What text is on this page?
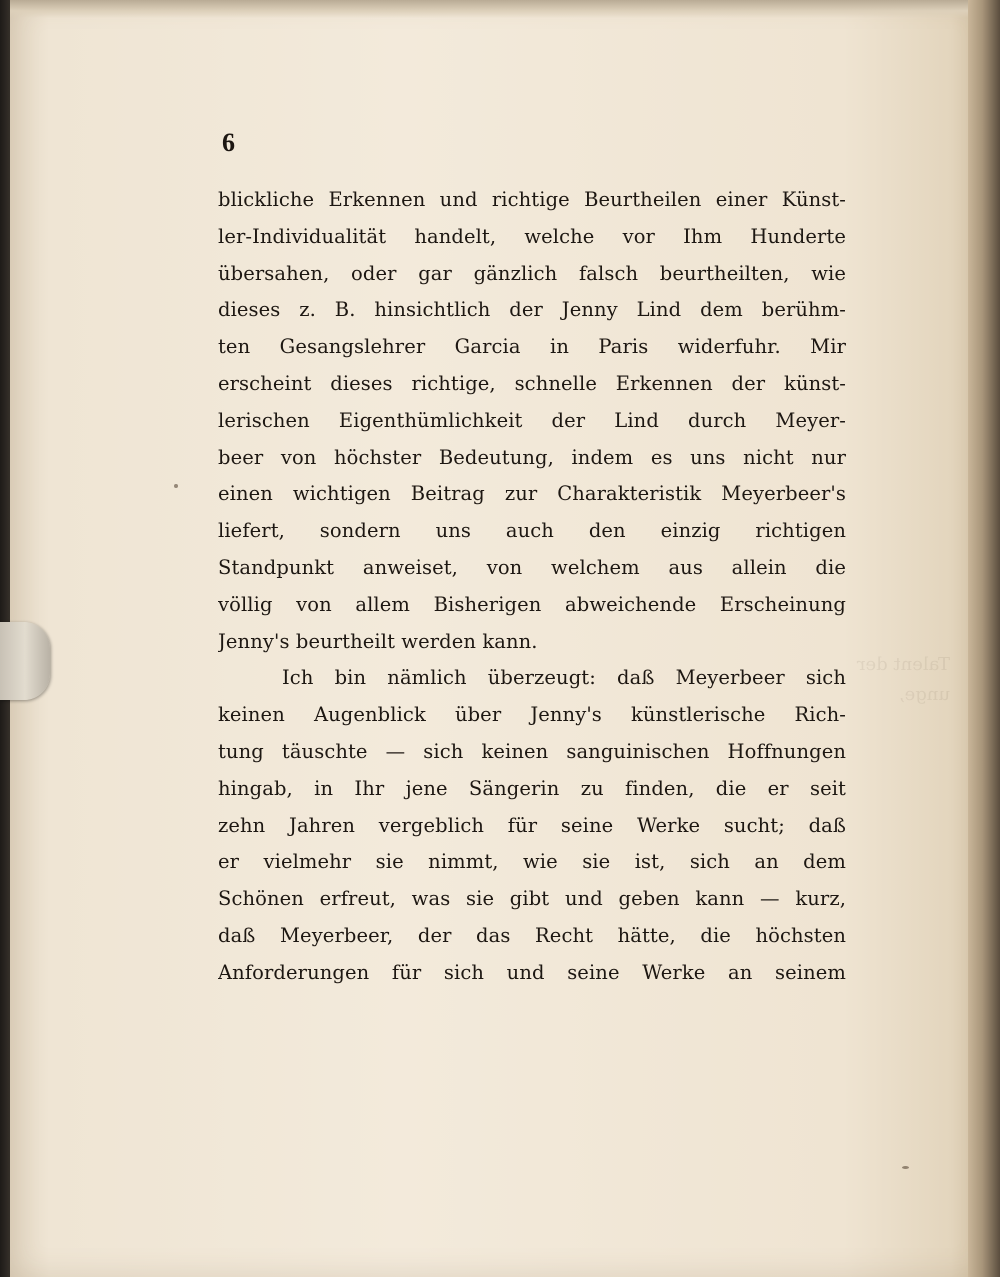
Talent der
unge,
6
blickliche Erkennen und richtige Beurtheilen einer Künst-
ler-Individualität handelt, welche vor Ihm Hunderte
übersahen, oder gar gänzlich falsch beurtheilten, wie
dieses z. B. hinsichtlich der Jenny Lind dem berühm-
ten Gesangslehrer Garcia in Paris widerfuhr. Mir
erscheint dieses richtige, schnelle Erkennen der künst-
lerischen Eigenthümlichkeit der Lind durch Meyer-
beer von höchster Bedeutung, indem es uns nicht nur
einen wichtigen Beitrag zur Charakteristik Meyerbeer's
liefert, sondern uns auch den einzig richtigen
Standpunkt anweiset, von welchem aus allein die
völlig von allem Bisherigen abweichende Erscheinung
Jenny's beurtheilt werden kann.
Ich bin nämlich überzeugt: daß Meyerbeer sich
keinen Augenblick über Jenny's künstlerische Rich-
tung täuschte — sich keinen sanguinischen Hoffnungen
hingab, in Ihr jene Sängerin zu finden, die er seit
zehn Jahren vergeblich für seine Werke sucht; daß
er vielmehr sie nimmt, wie sie ist, sich an dem
Schönen erfreut, was sie gibt und geben kann — kurz,
daß Meyerbeer, der das Recht hätte, die höchsten
Anforderungen für sich und seine Werke an seinem
